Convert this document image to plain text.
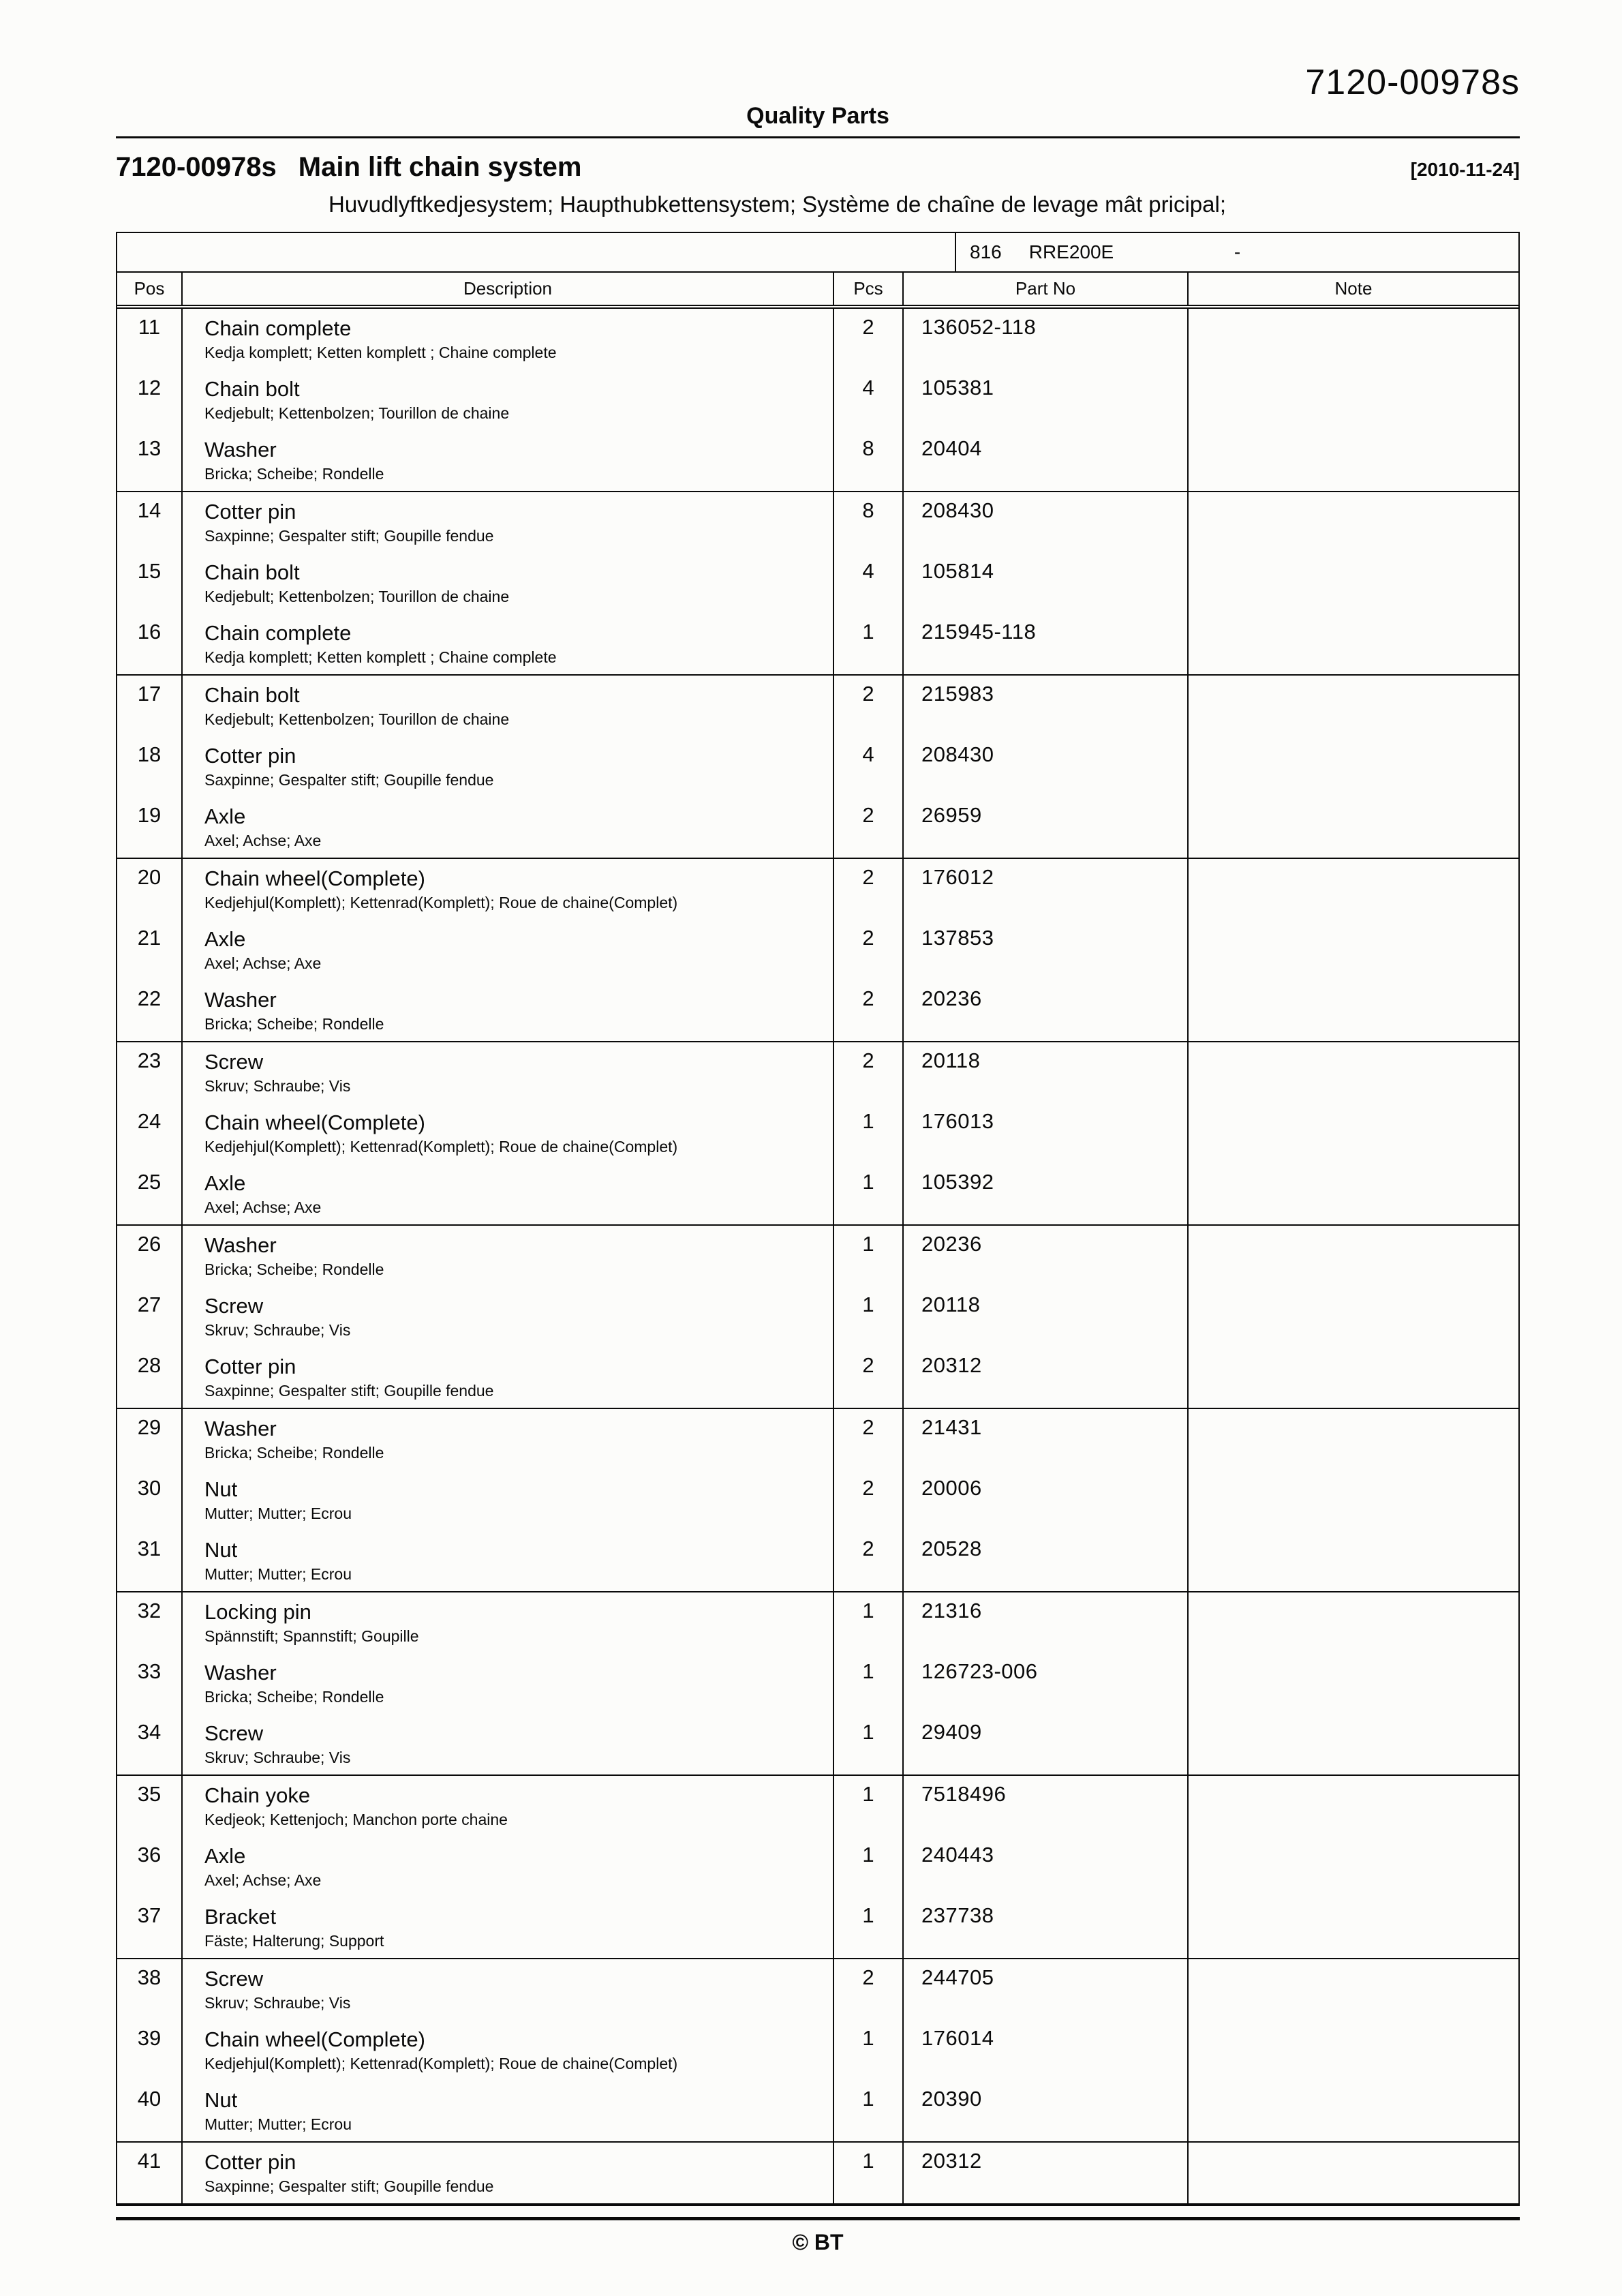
7120-00978s
Quality Parts
7120-00978s Main lift chain system	[2010-11-24]
Huvudlyftkedjesystem; Haupthubkettensystem; Système de chaîne de levage mât pricipal;
816 RRE200E	-
Pos	Description	Pcs	Part No	Note
11	Chain complete
Kedja komplett; Ketten komplett ; Chaine complete	2	136052-118	
12	Chain bolt
Kedjebult; Kettenbolzen; Tourillon de chaine	4	105381	
13	Washer
Bricka; Scheibe; Rondelle	8	20404	
14	Cotter pin
Saxpinne; Gespalter stift; Goupille fendue	8	208430	
15	Chain bolt
Kedjebult; Kettenbolzen; Tourillon de chaine	4	105814	
16	Chain complete
Kedja komplett; Ketten komplett ; Chaine complete	1	215945-118	
17	Chain bolt
Kedjebult; Kettenbolzen; Tourillon de chaine	2	215983	
18	Cotter pin
Saxpinne; Gespalter stift; Goupille fendue	4	208430	
19	Axle
Axel; Achse; Axe	2	26959	
20	Chain wheel(Complete)
Kedjehjul(Komplett); Kettenrad(Komplett); Roue de chaine(Complet)	2	176012	
21	Axle
Axel; Achse; Axe	2	137853	
22	Washer
Bricka; Scheibe; Rondelle	2	20236	
23	Screw
Skruv; Schraube; Vis	2	20118	
24	Chain wheel(Complete)
Kedjehjul(Komplett); Kettenrad(Komplett); Roue de chaine(Complet)	1	176013	
25	Axle
Axel; Achse; Axe	1	105392	
26	Washer
Bricka; Scheibe; Rondelle	1	20236	
27	Screw
Skruv; Schraube; Vis	1	20118	
28	Cotter pin
Saxpinne; Gespalter stift; Goupille fendue	2	20312	
29	Washer
Bricka; Scheibe; Rondelle	2	21431	
30	Nut
Mutter; Mutter; Ecrou	2	20006	
31	Nut
Mutter; Mutter; Ecrou	2	20528	
32	Locking pin
Spännstift; Spannstift; Goupille	1	21316	
33	Washer
Bricka; Scheibe; Rondelle	1	126723-006	
34	Screw
Skruv; Schraube; Vis	1	29409	
35	Chain yoke
Kedjeok; Kettenjoch; Manchon porte chaine	1	7518496	
36	Axle
Axel; Achse; Axe	1	240443	
37	Bracket
Fäste; Halterung; Support	1	237738	
38	Screw
Skruv; Schraube; Vis	2	244705	
39	Chain wheel(Complete)
Kedjehjul(Komplett); Kettenrad(Komplett); Roue de chaine(Complet)	1	176014	
40	Nut
Mutter; Mutter; Ecrou	1	20390	
41	Cotter pin
Saxpinne; Gespalter stift; Goupille fendue	1	20312	
© BT
